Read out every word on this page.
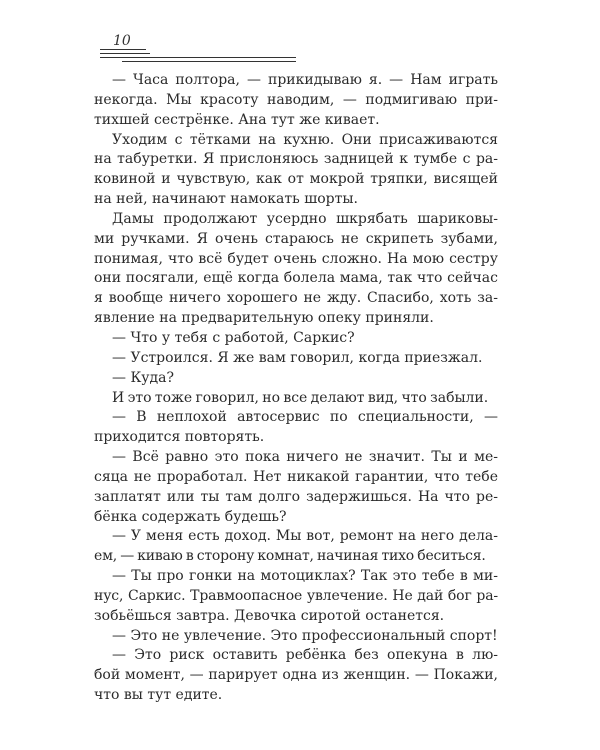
10
— Часа полтора, — прикидываю я. — Нам играть
некогда. Мы красоту наводим, — подмигиваю при-
тихшей сестрёнке. Ана тут же кивает.
Уходим с тётками на кухню. Они присаживаются
на табуретки. Я прислоняюсь задницей к тумбе с ра-
ковиной и чувствую, как от мокрой тряпки, висящей
на ней, начинают намокать шорты.
Дамы продолжают усердно шкрябать шариковы-
ми ручками. Я очень стараюсь не скрипеть зубами,
понимая, что всё будет очень сложно. На мою сестру
они посягали, ещё когда болела мама, так что сейчас
я вообще ничего хорошего не жду. Спасибо, хоть за-
явление на предварительную опеку приняли.
— Что у тебя с работой, Саркис?
— Устроился. Я же вам говорил, когда приезжал.
— Куда?
И это тоже говорил, но все делают вид, что забыли.
— В неплохой автосервис по специальности, —
приходится повторять.
— Всё равно это пока ничего не значит. Ты и ме-
сяца не проработал. Нет никакой гарантии, что тебе
заплатят или ты там долго задержишься. На что ре-
бёнка содержать будешь?
— У меня есть доход. Мы вот, ремонт на него дела-
ем, — киваю в сторону комнат, начиная тихо беситься.
— Ты про гонки на мотоциклах? Так это тебе в ми-
нус, Саркис. Травмоопасное увлечение. Не дай бог ра-
зобьёшься завтра. Девочка сиротой останется.
— Это не увлечение. Это профессиональный спорт!
— Это риск оставить ребёнка без опекуна в лю-
бой момент, — парирует одна из женщин. — Покажи,
что вы тут едите.
